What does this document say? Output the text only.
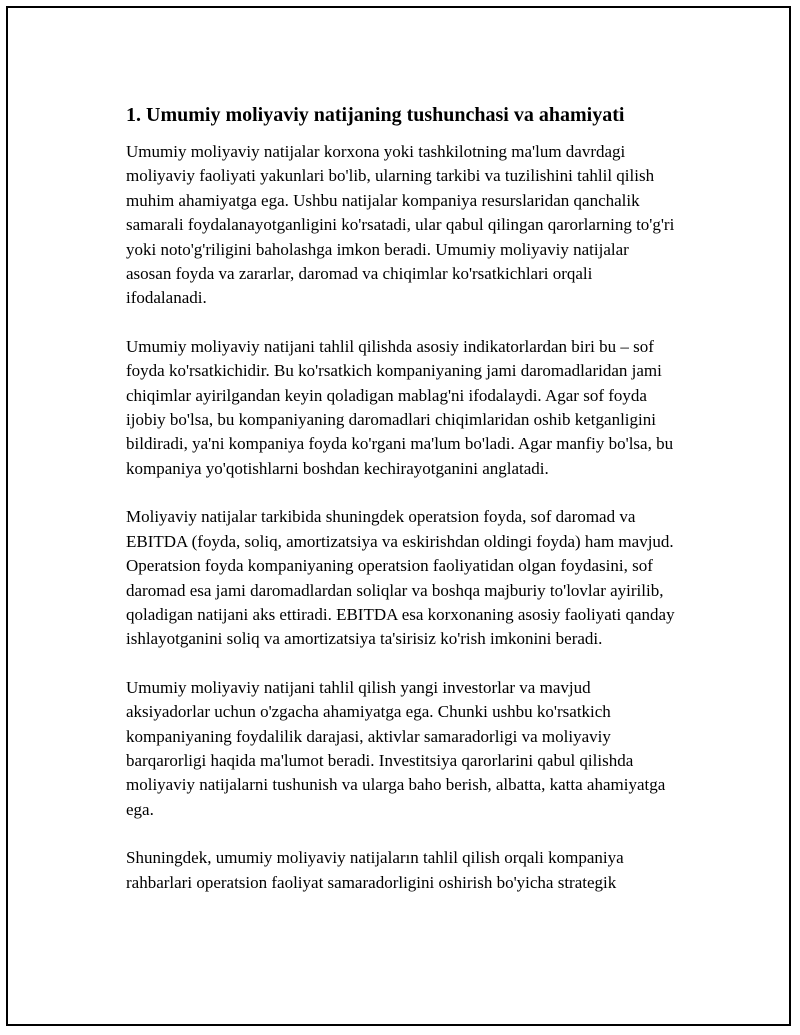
1. Umumiy moliyaviy natijaning tushunchasi va ahamiyati

Umumiy moliyaviy natijalar korxona yoki tashkilotning ma'lum davrdagi moliyaviy faoliyati yakunlari bo'lib, ularning tarkibi va tuzilishini tahlil qilish muhim ahamiyatga ega. Ushbu natijalar kompaniya resurslaridan qanchalik samarali foydalanayotganligini ko'rsatadi, ular qabul qilingan qarorlarning to'g'ri yoki noto'g'riligini baholashga imkon beradi. Umumiy moliyaviy natijalar asosan foyda va zararlar, daromad va chiqimlar ko'rsatkichlari orqali ifodalanadi.

Umumiy moliyaviy natijani tahlil qilishda asosiy indikatorlardan biri bu – sof foyda ko'rsatkichidir. Bu ko'rsatkich kompaniyaning jami daromadlaridan jami chiqimlar ayirilgandan keyin qoladigan mablag'ni ifodalaydi. Agar sof foyda ijobiy bo'lsa, bu kompaniyaning daromadlari chiqimlaridan oshib ketganligini bildiradi, ya'ni kompaniya foyda ko'rgani ma'lum bo'ladi. Agar manfiy bo'lsa, bu kompaniya yo'qotishlarni boshdan kechirayotganini anglatadi.

Moliyaviy natijalar tarkibida shuningdek operatsion foyda, sof daromad va EBITDA (foyda, soliq, amortizatsiya va eskirishdan oldingi foyda) ham mavjud. Operatsion foyda kompaniyaning operatsion faoliyatidan olgan foydasini, sof daromad esa jami daromadlardan soliqlar va boshqa majburiy to'lovlar ayirilib, qoladigan natijani aks ettiradi. EBITDA esa korxonaning asosiy faoliyati qanday ishlayotganini soliq va amortizatsiya ta'sirisiz ko'rish imkonini beradi.

Umumiy moliyaviy natijani tahlil qilish yangi investorlar va mavjud aksiyadorlar uchun o'zgacha ahamiyatga ega. Chunki ushbu ko'rsatkich kompaniyaning foydalilik darajasi, aktivlar samaradorligi va moliyaviy barqarorligi haqida ma'lumot beradi. Investitsiya qarorlarini qabul qilishda moliyaviy natijalarni tushunish va ularga baho berish, albatta, katta ahamiyatga ega.

Shuningdek, umumiy moliyaviy natijaların tahlil qilish orqali kompaniya rahbarlari operatsion faoliyat samaradorligini oshirish bo'yicha strategik
